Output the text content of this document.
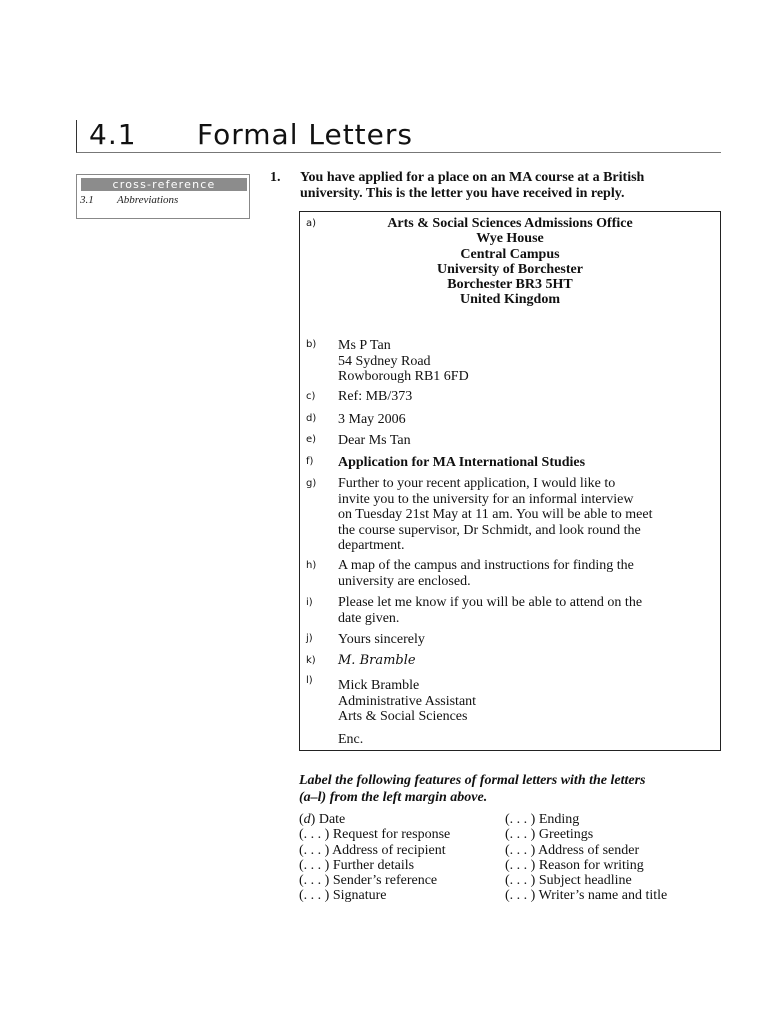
4.1 Formal Letters
cross-reference
3.1 Abbreviations
1. You have applied for a place on an MA course at a British
university. This is the letter you have received in reply.
a)	Arts & Social Sciences Admissions Office
Wye House
Central Campus
University of Borchester
Borchester BR3 5HT
United Kingdom
b) Ms P Tan
54 Sydney Road
Rowborough RB1 6FD
c) Ref: MB/373
d) 3 May 2006
e) Dear Ms Tan
f) Application for MA International Studies
g) Further to your recent application, I would like to
invite you to the university for an informal interview
on Tuesday 21st May at 11 am. You will be able to meet
the course supervisor, Dr Schmidt, and look round the
department.
h) A map of the campus and instructions for finding the
university are enclosed.
i) Please let me know if you will be able to attend on the
date given.
j) Yours sincerely
k) M. Bramble
l) Mick Bramble
Administrative Assistant
Arts & Social Sciences
Enc.
Label the following features of formal letters with the letters
(a–l) from the left margin above.
(d) Date
(. . . ) Request for response
(. . . ) Address of recipient
(. . . ) Further details
(. . . ) Sender’s reference
(. . . ) Signature
(. . . ) Ending
(. . . ) Greetings
(. . . ) Address of sender
(. . . ) Reason for writing
(. . . ) Subject headline
(. . . ) Writer’s name and title
